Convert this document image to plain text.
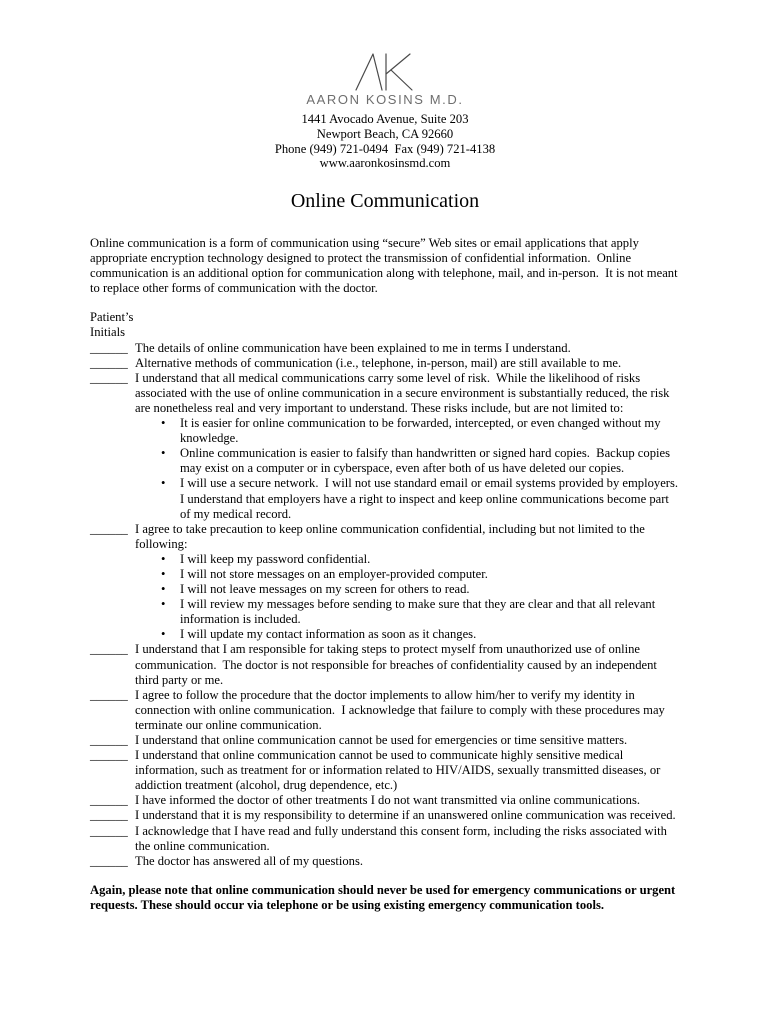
AARON KOSINS M.D.
1441 Avocado Avenue, Suite 203
Newport Beach, CA 92660
Phone (949) 721-0494  Fax (949) 721-4138
www.aaronkosinsmd.com
Online Communication
Online communication is a form of communication using “secure” Web sites or email applications that apply
appropriate encryption technology designed to protect the transmission of confidential information.  Online
communication is an additional option for communication along with telephone, mail, and in-person.  It is not meant
to replace other forms of communication with the doctor.
Patient’s
Initials
______ The details of online communication have been explained to me in terms I understand.
______ Alternative methods of communication (i.e., telephone, in-person, mail) are still available to me.
______ I understand that all medical communications carry some level of risk.  While the likelihood of risks
associated with the use of online communication in a secure environment is substantially reduced, the risk
are nonetheless real and very important to understand. These risks include, but are not limited to:
• It is easier for online communication to be forwarded, intercepted, or even changed without my
knowledge.
• Online communication is easier to falsify than handwritten or signed hard copies.  Backup copies
may exist on a computer or in cyberspace, even after both of us have deleted our copies.
• I will use a secure network.  I will not use standard email or email systems provided by employers.
I understand that employers have a right to inspect and keep online communications become part
of my medical record.
______ I agree to take precaution to keep online communication confidential, including but not limited to the
following:
• I will keep my password confidential.
• I will not store messages on an employer-provided computer.
• I will not leave messages on my screen for others to read.
• I will review my messages before sending to make sure that they are clear and that all relevant
information is included.
• I will update my contact information as soon as it changes.
______ I understand that I am responsible for taking steps to protect myself from unauthorized use of online
communication.  The doctor is not responsible for breaches of confidentiality caused by an independent
third party or me.
______ I agree to follow the procedure that the doctor implements to allow him/her to verify my identity in
connection with online communication.  I acknowledge that failure to comply with these procedures may
terminate our online communication.
______ I understand that online communication cannot be used for emergencies or time sensitive matters.
______ I understand that online communication cannot be used to communicate highly sensitive medical
information, such as treatment for or information related to HIV/AIDS, sexually transmitted diseases, or
addiction treatment (alcohol, drug dependence, etc.)
______ I have informed the doctor of other treatments I do not want transmitted via online communications.
______ I understand that it is my responsibility to determine if an unanswered online communication was received.
______ I acknowledge that I have read and fully understand this consent form, including the risks associated with
the online communication.
______ The doctor has answered all of my questions.
Again, please note that online communication should never be used for emergency communications or urgent
requests. These should occur via telephone or be using existing emergency communication tools.
